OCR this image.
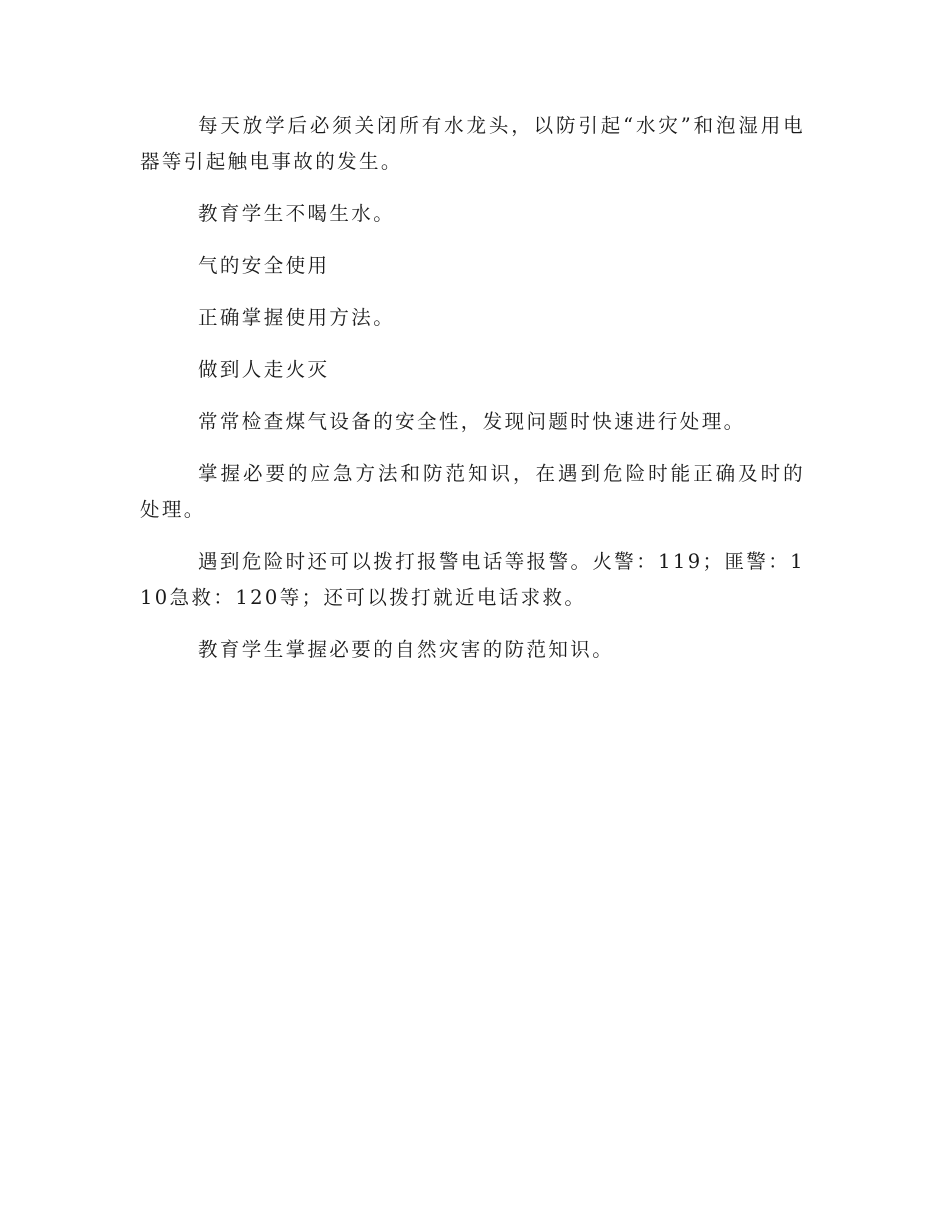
每天放学后必须关闭所有水龙头，以防引起“水灾”和泡湿用电器等引起触电事故的发生。

教育学生不喝生水。

气的安全使用

正确掌握使用方法。

做到人走火灭

常常检查煤气设备的安全性，发现问题时快速进行处理。

掌握必要的应急方法和防范知识，在遇到危险时能正确及时的处理。

遇到危险时还可以拨打报警电话等报警。火警：119；匪警：110急救：120等；还可以拨打就近电话求救。

教育学生掌握必要的自然灾害的防范知识。
